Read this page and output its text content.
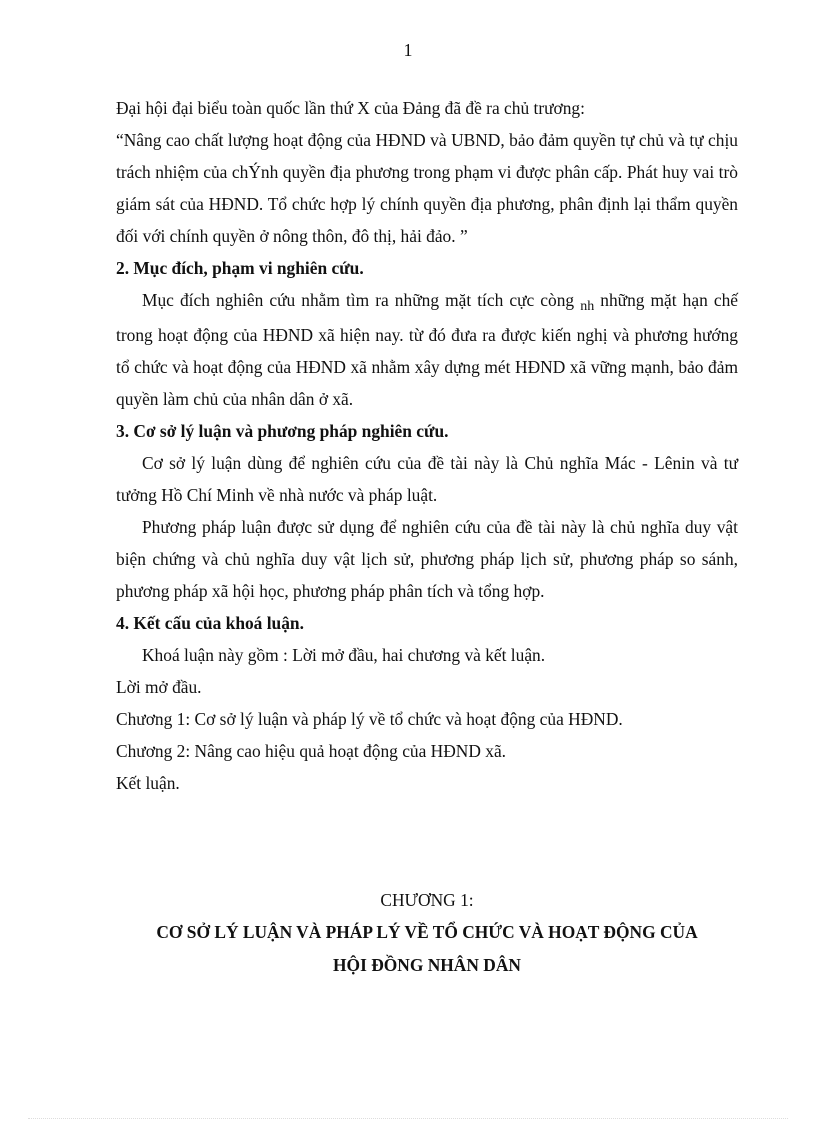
1

Đại hội đại biểu toàn quốc lần thứ X của Đảng đã đề ra chủ trương:

“Nâng cao chất lượng hoạt động của HĐND và UBND, bảo đảm quyền tự chủ và tự chịu trách nhiệm của chÝnh quyền địa phương trong phạm vi được phân cấp. Phát huy vai trò giám sát của HĐND. Tổ chức hợp lý chính quyền địa phương, phân định lại thẩm quyền đối với chính quyền ở nông thôn, đô thị, hải đảo. ”

2. Mục đích, phạm vi nghiên cứu.

Mục đích nghiên cứu nhằm tìm ra những mặt tích cực còng $_{nh}$ những mặt hạn chế trong hoạt động của HĐND xã hiện nay. từ đó đưa ra được kiến nghị và phương hướng tổ chức và hoạt động của HĐND xã nhằm xây dựng mét HĐND xã vững mạnh, bảo đảm quyền làm chủ của nhân dân ở xã.

3. Cơ sở lý luận và phương pháp nghiên cứu.

Cơ sở lý luận dùng để nghiên cứu của đề tài này là Chủ nghĩa Mác - Lênin và tư tưởng Hồ Chí Minh về nhà nước và pháp luật.

Phương pháp luận được sử dụng để nghiên cứu của đề tài này là chủ nghĩa duy vật biện chứng và chủ nghĩa duy vật lịch sử, phương pháp lịch sử, phương pháp so sánh, phương pháp xã hội học, phương pháp phân tích và tổng hợp.

4. Kết cấu của khoá luận.

Khoá luận này gồm : Lời mở đầu, hai chương và kết luận.

Lời mở đầu.

Chương 1: Cơ sở lý luận và pháp lý về tổ chức và hoạt động của HĐND.

Chương 2: Nâng cao hiệu quả hoạt động của HĐND xã.

Kết luận.

CHƯƠNG 1:
CƠ SỞ LÝ LUẬN VÀ PHÁP LÝ VỀ TỔ CHỨC VÀ HOẠT ĐỘNG CỦA
HỘI ĐỒNG NHÂN DÂN
